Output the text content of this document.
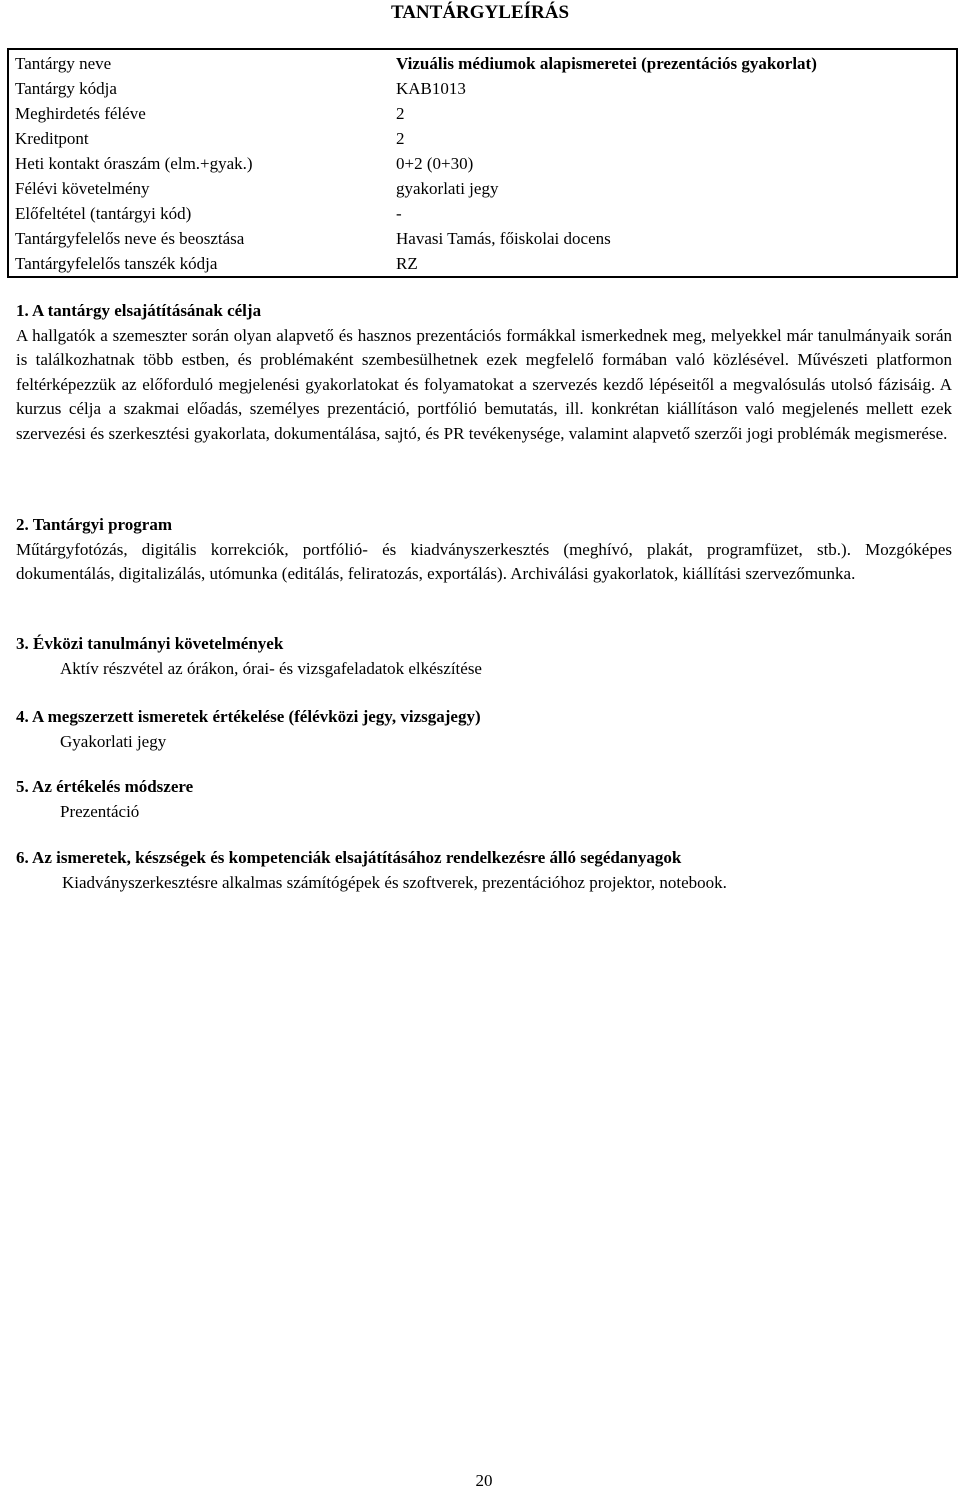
TANTÁRGYLEÍRÁS
Tantárgy neve	Vizuális médiumok alapismeretei (prezentációs gyakorlat)
Tantárgy kódja	KAB1013
Meghirdetés féléve	2
Kreditpont	2
Heti kontakt óraszám (elm.+gyak.)	0+2 (0+30)
Félévi követelmény	gyakorlati jegy
Előfeltétel (tantárgyi kód)	-
Tantárgyfelelős neve és beosztása	Havasi Tamás, főiskolai docens
Tantárgyfelelős tanszék kódja	RZ
1. A tantárgy elsajátításának célja
A hallgatók a szemeszter során olyan alapvető és hasznos prezentációs formákkal ismerkednek meg, melyekkel már tanulmányaik során is találkozhatnak több estben, és problémaként szembesülhetnek ezek megfelelő formában való közlésével. Művészeti platformon feltérképezzük az előforduló megjelenési gyakorlatokat és folyamatokat a szervezés kezdő lépéseitől a megvalósulás utolsó fázisáig. A kurzus célja a szakmai előadás, személyes prezentáció, portfólió bemutatás, ill. konkrétan kiállításon való megjelenés mellett ezek szervezési és szerkesztési gyakorlata, dokumentálása, sajtó, és PR tevékenysége, valamint alapvető szerzői jogi problémák megismerése.
2. Tantárgyi program
Műtárgyfotózás, digitális korrekciók, portfólió- és kiadványszerkesztés (meghívó, plakát, programfüzet, stb.). Mozgóképes dokumentálás, digitalizálás, utómunka (editálás, feliratozás, exportálás). Archiválási gyakorlatok, kiállítási szervezőmunka.
3. Évközi tanulmányi követelmények
Aktív részvétel az órákon, órai- és vizsgafeladatok elkészítése
4. A megszerzett ismeretek értékelése (félévközi jegy, vizsgajegy)
Gyakorlati jegy
5. Az értékelés módszere
Prezentáció
6. Az ismeretek, készségek és kompetenciák elsajátításához rendelkezésre álló segédanyagok
Kiadványszerkesztésre alkalmas számítógépek és szoftverek, prezentációhoz projektor, notebook.
20
